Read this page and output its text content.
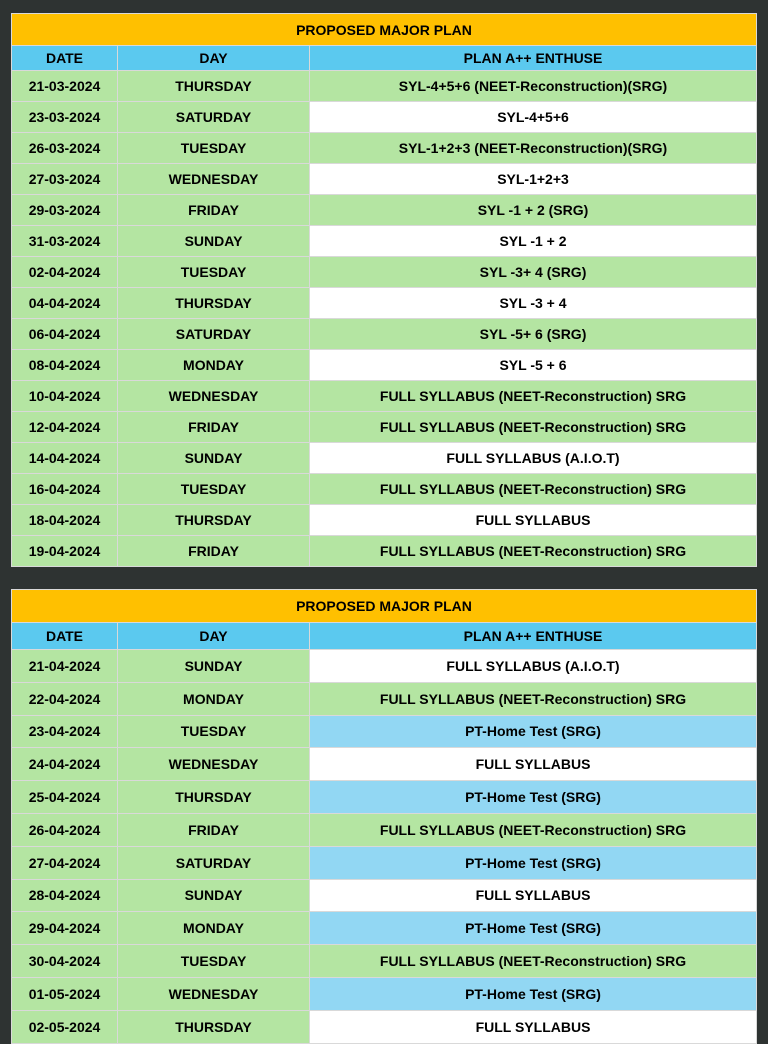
PROPOSED MAJOR PLAN		
DATE	DAY	PLAN A++ ENTHUSE
21-03-2024	THURSDAY	SYL-4+5+6 (NEET-Reconstruction)(SRG)
23-03-2024	SATURDAY	SYL-4+5+6
26-03-2024	TUESDAY	SYL-1+2+3 (NEET-Reconstruction)(SRG)
27-03-2024	WEDNESDAY	SYL-1+2+3
29-03-2024	FRIDAY	SYL -1 + 2 (SRG)
31-03-2024	SUNDAY	SYL -1 + 2
02-04-2024	TUESDAY	SYL -3+ 4 (SRG)
04-04-2024	THURSDAY	SYL -3 + 4
06-04-2024	SATURDAY	SYL -5+ 6 (SRG)
08-04-2024	MONDAY	SYL -5 + 6
10-04-2024	WEDNESDAY	FULL SYLLABUS (NEET-Reconstruction) SRG
12-04-2024	FRIDAY	FULL SYLLABUS (NEET-Reconstruction) SRG
14-04-2024	SUNDAY	FULL SYLLABUS (A.I.O.T)
16-04-2024	TUESDAY	FULL SYLLABUS (NEET-Reconstruction) SRG
18-04-2024	THURSDAY	FULL SYLLABUS
19-04-2024	FRIDAY	FULL SYLLABUS (NEET-Reconstruction) SRG
PROPOSED MAJOR PLAN		
DATE	DAY	PLAN A++ ENTHUSE
21-04-2024	SUNDAY	FULL SYLLABUS (A.I.O.T)
22-04-2024	MONDAY	FULL SYLLABUS (NEET-Reconstruction) SRG
23-04-2024	TUESDAY	PT-Home Test (SRG)
24-04-2024	WEDNESDAY	FULL SYLLABUS
25-04-2024	THURSDAY	PT-Home Test (SRG)
26-04-2024	FRIDAY	FULL SYLLABUS (NEET-Reconstruction) SRG
27-04-2024	SATURDAY	PT-Home Test (SRG)
28-04-2024	SUNDAY	FULL SYLLABUS
29-04-2024	MONDAY	PT-Home Test (SRG)
30-04-2024	TUESDAY	FULL SYLLABUS (NEET-Reconstruction) SRG
01-05-2024	WEDNESDAY	PT-Home Test (SRG)
02-05-2024	THURSDAY	FULL SYLLABUS
